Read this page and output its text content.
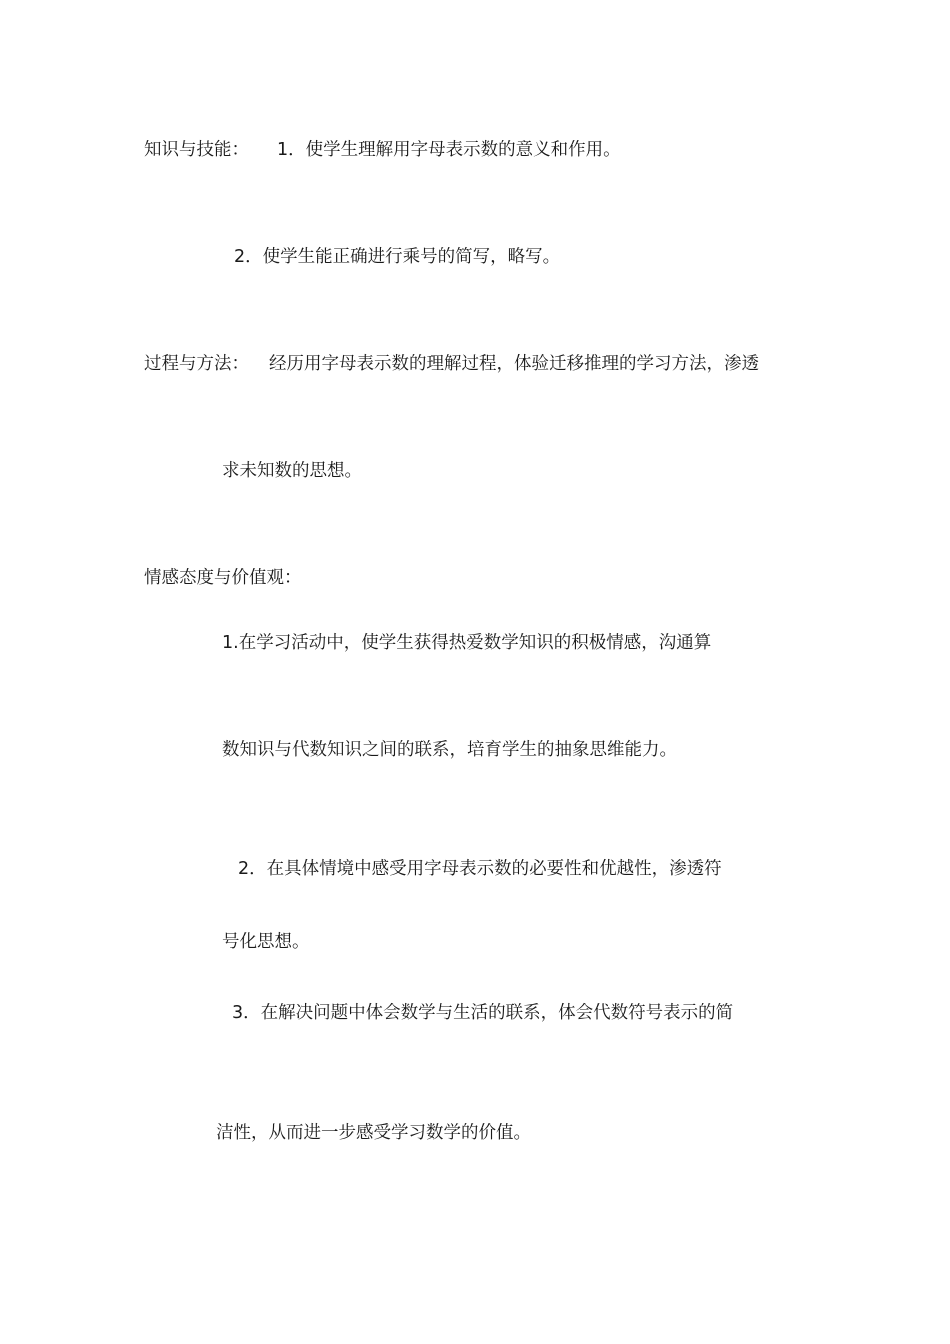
知识与技能： 1．使学生理解用字母表示数的意义和作用。
2．使学生能正确进行乘号的简写，略写。
过程与方法： 经历用字母表示数的理解过程，体验迁移推理的学习方法，渗透
求未知数的思想。
情感态度与价值观：
1.在学习活动中，使学生获得热爱数学知识的积极情感，沟通算
数知识与代数知识之间的联系，培育学生的抽象思维能力。
2．在具体情境中感受用字母表示数的必要性和优越性，渗透符
号化思想。
3．在解决问题中体会数学与生活的联系，体会代数符号表示的简
洁性，从而进一步感受学习数学的价值。
